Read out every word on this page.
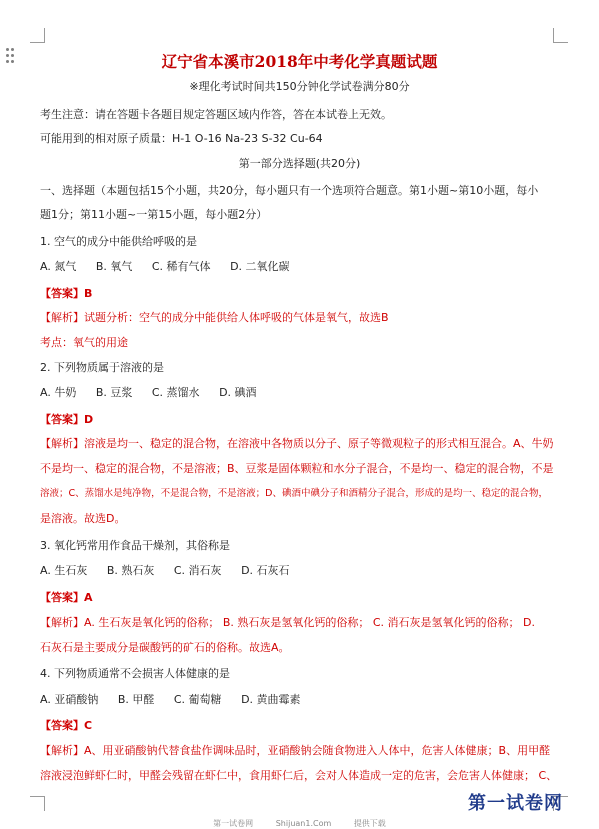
辽宁省本溪市2018年中考化学真题试题
※理化考试时间共150分钟化学试卷满分80分
考生注意：请在答题卡各题目规定答题区域内作答，答在本试卷上无效。
可能用到的相对原子质量：H-1 O-16 Na-23 S-32 Cu-64
第一部分选择题(共20分)
一、选择题（本题包括15个小题，共20分，每小题只有一个选项符合题意。第1小题~第10小题，每小
题1分；第11小题~一第15小题，每小题2分）
1. 空气的成分中能供给呼吸的是
A. 氮气 B. 氧气 C. 稀有气体 D. 二氧化碳
【答案】B
【解析】试题分析：空气的成分中能供给人体呼吸的气体是氧气，故选B
考点：氧气的用途
2. 下列物质属于溶液的是
A. 牛奶 B. 豆浆 C. 蒸馏水 D. 碘酒
【答案】D
【解析】溶液是均一、稳定的混合物，在溶液中各物质以分子、原子等微观粒子的形式相互混合。A、牛奶
不是均一、稳定的混合物，不是溶液；B、豆浆是固体颗粒和水分子混合，不是均一、稳定的混合物，不是
溶液；C、蒸馏水是纯净物，不是混合物，不是溶液；D、碘酒中碘分子和酒精分子混合，形成的是均一、稳定的混合物，
是溶液。故选D。
3. 氧化钙常用作食品干燥剂，其俗称是
A. 生石灰 B. 熟石灰 C. 消石灰 D. 石灰石
【答案】A
【解析】A. 生石灰是氧化钙的俗称； B. 熟石灰是氢氧化钙的俗称； C. 消石灰是氢氧化钙的俗称； D.
石灰石是主要成分是碳酸钙的矿石的俗称。故选A。
4. 下列物质通常不会损害人体健康的是
A. 亚硝酸钠 B. 甲醛 C. 葡萄糖 D. 黄曲霉素
【答案】C
【解析】A、用亚硝酸钠代替食盐作调味品时，亚硝酸钠会随食物进入人体中，危害人体健康；B、用甲醛
溶液浸泡鲜虾仁时，甲醛会残留在虾仁中，食用虾仁后，会对人体造成一定的危害，会危害人体健康； C、
第一试卷网
第一试卷网	Shijuan1.Com	提供下载
